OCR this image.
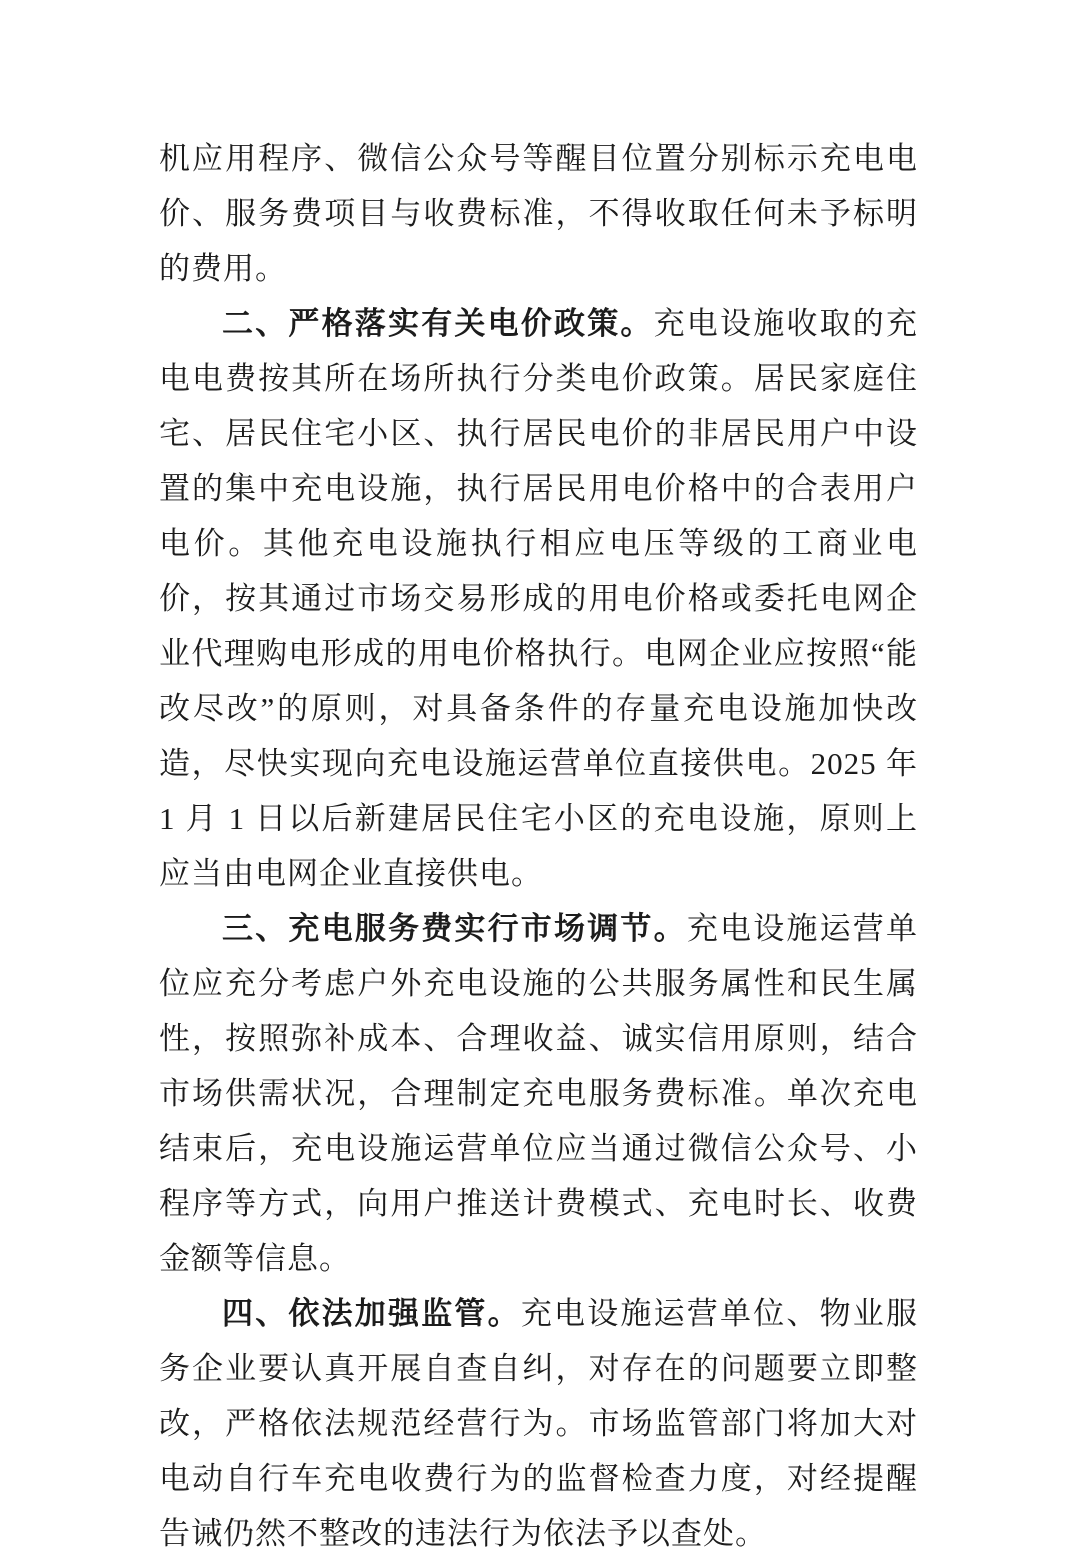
机应用程序、微信公众号等醒目位置分别标示充电电价、服务费项目与收费标准，不得收取任何未予标明的费用。

二、严格落实有关电价政策。充电设施收取的充电电费按其所在场所执行分类电价政策。居民家庭住宅、居民住宅小区、执行居民电价的非居民用户中设置的集中充电设施，执行居民用电价格中的合表用户电价。其他充电设施执行相应电压等级的工商业电价，按其通过市场交易形成的用电价格或委托电网企业代理购电形成的用电价格执行。电网企业应按照“能改尽改”的原则，对具备条件的存量充电设施加快改造，尽快实现向充电设施运营单位直接供电。2025 年 1 月 1 日以后新建居民住宅小区的充电设施，原则上应当由电网企业直接供电。

三、充电服务费实行市场调节。充电设施运营单位应充分考虑户外充电设施的公共服务属性和民生属性，按照弥补成本、合理收益、诚实信用原则，结合市场供需状况，合理制定充电服务费标准。单次充电结束后，充电设施运营单位应当通过微信公众号、小程序等方式，向用户推送计费模式、充电时长、收费金额等信息。

四、依法加强监管。充电设施运营单位、物业服务企业要认真开展自查自纠，对存在的问题要立即整改，严格依法规范经营行为。市场监管部门将加大对电动自行车充电收费行为的监督检查力度，对经提醒告诫仍然不整改的违法行为依法予以查处。
